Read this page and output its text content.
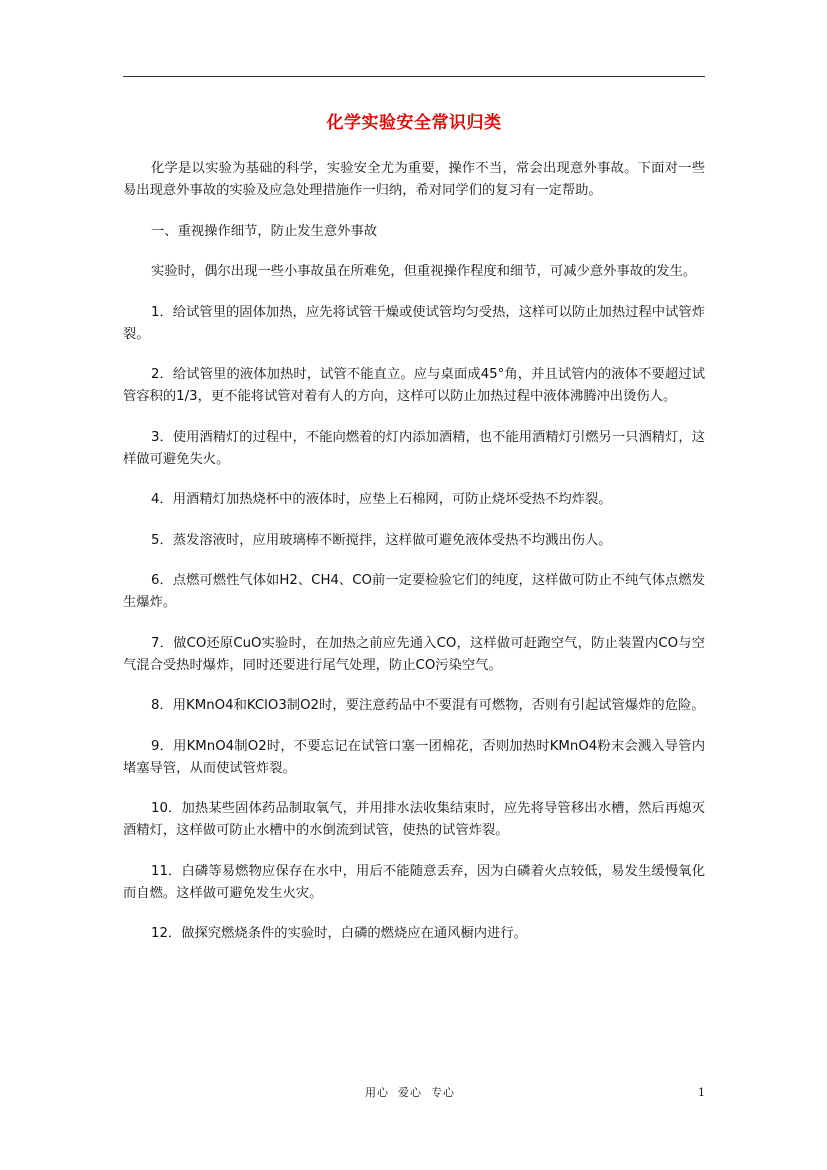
化学实验安全常识归类

化学是以实验为基础的科学，实验安全尤为重要，操作不当，常会出现意外事故。下面对一些易出现意外事故的实验及应急处理措施作一归纳，希对同学们的复习有一定帮助。

一、重视操作细节，防止发生意外事故

实验时，偶尔出现一些小事故虽在所难免，但重视操作程度和细节，可减少意外事故的发生。

1．给试管里的固体加热，应先将试管干燥或使试管均匀受热，这样可以防止加热过程中试管炸裂。

2．给试管里的液体加热时，试管不能直立。应与桌面成45°角，并且试管内的液体不要超过试管容积的1/3，更不能将试管对着有人的方向，这样可以防止加热过程中液体沸腾冲出烫伤人。

3．使用酒精灯的过程中，不能向燃着的灯内添加酒精，也不能用酒精灯引燃另一只酒精灯，这样做可避免失火。

4．用酒精灯加热烧杯中的液体时，应垫上石棉网，可防止烧坏受热不均炸裂。

5．蒸发溶液时，应用玻璃棒不断搅拌，这样做可避免液体受热不均溅出伤人。

6．点燃可燃性气体如H2、CH4、CO前一定要检验它们的纯度，这样做可防止不纯气体点燃发生爆炸。

7．做CO还原CuO实验时，在加热之前应先通入CO，这样做可赶跑空气，防止装置内CO与空气混合受热时爆炸，同时还要进行尾气处理，防止CO污染空气。

8．用KMnO4和KClO3制O2时，要注意药品中不要混有可燃物，否则有引起试管爆炸的危险。

9．用KMnO4制O2时，不要忘记在试管口塞一团棉花，否则加热时KMnO4粉末会溅入导管内堵塞导管，从而使试管炸裂。

10．加热某些固体药品制取氧气，并用排水法收集结束时，应先将导管移出水槽，然后再熄灭酒精灯，这样做可防止水槽中的水倒流到试管，使热的试管炸裂。

11．白磷等易燃物应保存在水中，用后不能随意丢弃，因为白磷着火点较低，易发生缓慢氧化而自燃。这样做可避免发生火灾。

12．做探究燃烧条件的实验时，白磷的燃烧应在通风橱内进行。

用心  爱心  专心	1
